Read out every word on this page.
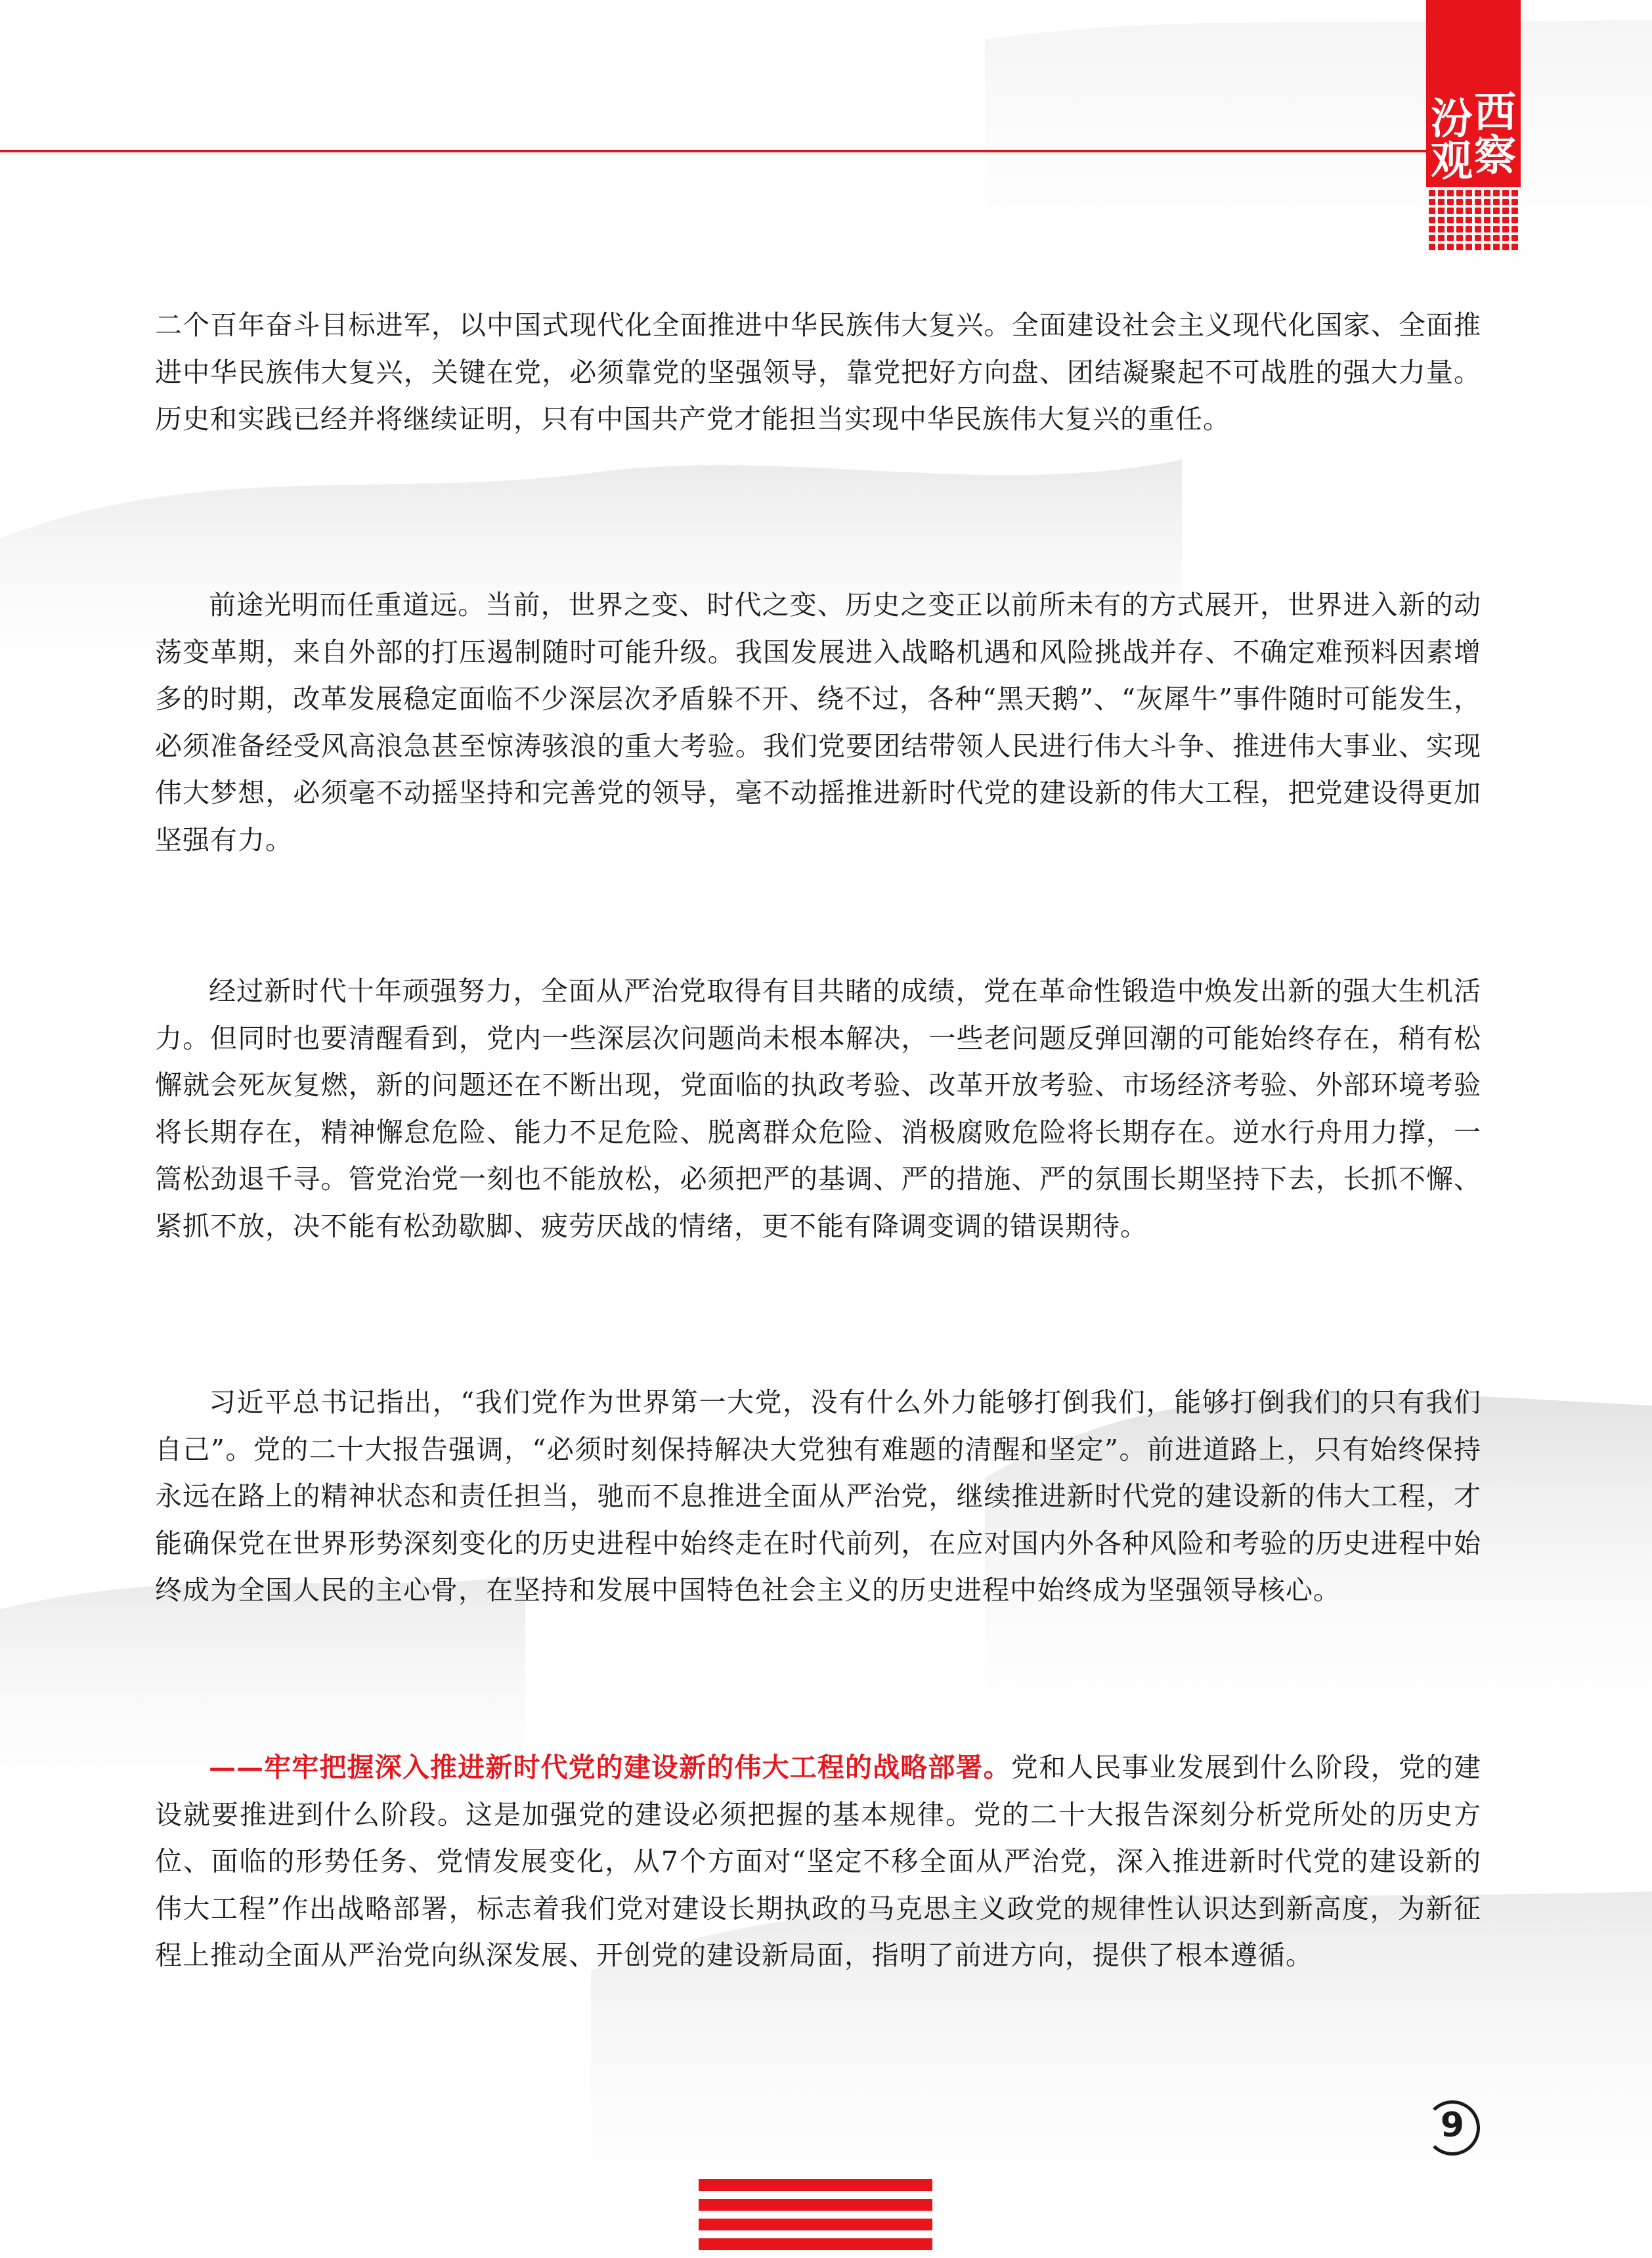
汾 西
观 察

二个百年奋斗目标进军，以中国式现代化全面推进中华民族伟大复兴。全面建设社会主义现代化国家、全面推进中华民族伟大复兴，关键在党，必须靠党的坚强领导，靠党把好方向盘、团结凝聚起不可战胜的强大力量。历史和实践已经并将继续证明，只有中国共产党才能担当实现中华民族伟大复兴的重任。

前途光明而任重道远。当前，世界之变、时代之变、历史之变正以前所未有的方式展开，世界进入新的动荡变革期，来自外部的打压遏制随时可能升级。我国发展进入战略机遇和风险挑战并存、不确定难预料因素增多的时期，改革发展稳定面临不少深层次矛盾躲不开、绕不过，各种“黑天鹅”、“灰犀牛”事件随时可能发生，必须准备经受风高浪急甚至惊涛骇浪的重大考验。我们党要团结带领人民进行伟大斗争、推进伟大事业、实现伟大梦想，必须毫不动摇坚持和完善党的领导，毫不动摇推进新时代党的建设新的伟大工程，把党建设得更加坚强有力。

经过新时代十年顽强努力，全面从严治党取得有目共睹的成绩，党在革命性锻造中焕发出新的强大生机活力。但同时也要清醒看到，党内一些深层次问题尚未根本解决，一些老问题反弹回潮的可能始终存在，稍有松懈就会死灰复燃，新的问题还在不断出现，党面临的执政考验、改革开放考验、市场经济考验、外部环境考验将长期存在，精神懈怠危险、能力不足危险、脱离群众危险、消极腐败危险将长期存在。逆水行舟用力撑，一篙松劲退千寻。管党治党一刻也不能放松，必须把严的基调、严的措施、严的氛围长期坚持下去，长抓不懈、紧抓不放，决不能有松劲歇脚、疲劳厌战的情绪，更不能有降调变调的错误期待。

习近平总书记指出，“我们党作为世界第一大党，没有什么外力能够打倒我们，能够打倒我们的只有我们自己”。党的二十大报告强调，“必须时刻保持解决大党独有难题的清醒和坚定”。前进道路上，只有始终保持永远在路上的精神状态和责任担当，驰而不息推进全面从严治党，继续推进新时代党的建设新的伟大工程，才能确保党在世界形势深刻变化的历史进程中始终走在时代前列，在应对国内外各种风险和考验的历史进程中始终成为全国人民的主心骨，在坚持和发展中国特色社会主义的历史进程中始终成为坚强领导核心。

——牢牢把握深入推进新时代党的建设新的伟大工程的战略部署。党和人民事业发展到什么阶段，党的建设就要推进到什么阶段。这是加强党的建设必须把握的基本规律。党的二十大报告深刻分析党所处的历史方位、面临的形势任务、党情发展变化，从7个方面对“坚定不移全面从严治党，深入推进新时代党的建设新的伟大工程”作出战略部署，标志着我们党对建设长期执政的马克思主义政党的规律性认识达到新高度，为新征程上推动全面从严治党向纵深发展、开创党的建设新局面，指明了前进方向，提供了根本遵循。

9
